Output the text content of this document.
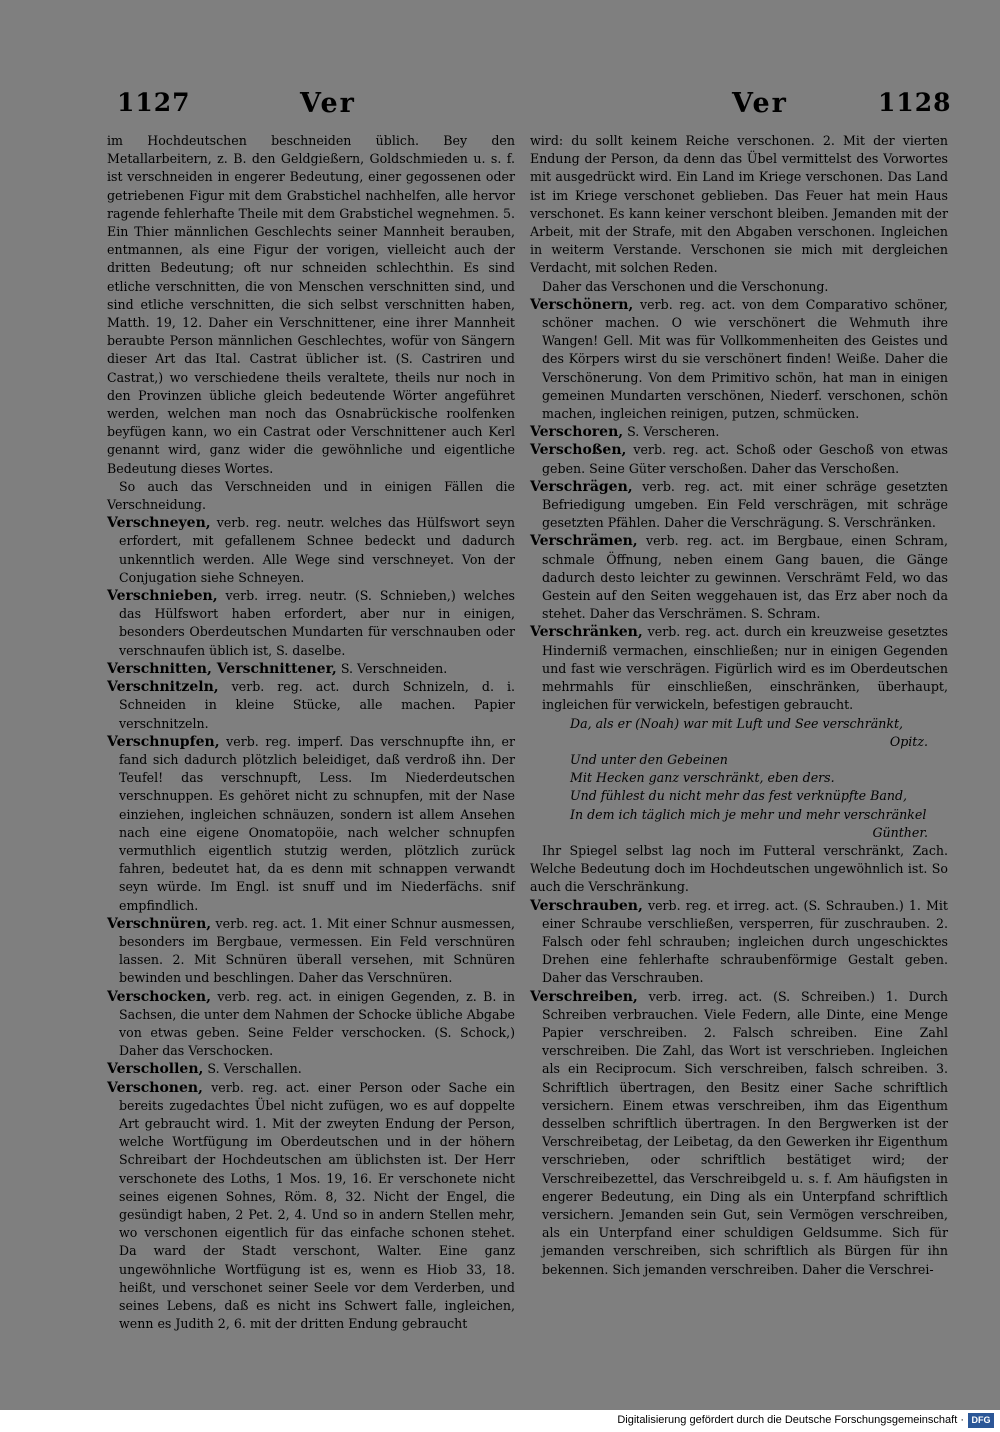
1127	Ver	Ver	1128

im Hochdeutschen beschneiden üblich. Bey den Metallarbeitern, z. B. den Geldgießern, Goldschmieden u. s. f. ist verschneiden in engerer Bedeutung, einer gegossenen oder getriebenen Figur mit dem Grabstichel nachhelfen, alle hervor ragende fehlerhafte Theile mit dem Grabstichel wegnehmen. 5. Ein Thier männlichen Geschlechts seiner Mannheit berauben, entmannen, als eine Figur der vorigen, vielleicht auch der dritten Bedeutung; oft nur schneiden schlechthin. Es sind etliche verschnitten, die von Menschen verschnitten sind, und sind etliche verschnitten, die sich selbst verschnitten haben, Matth. 19, 12. Daher ein Verschnittener, eine ihrer Mannheit beraubte Person männlichen Geschlechtes, wofür von Sängern dieser Art das Ital. Castrat üblicher ist. (S. Castriren und Castrat,) wo verschiedene theils veraltete, theils nur noch in den Provinzen übliche gleich bedeutende Wörter angeführet werden, welchen man noch das Osnabrückische roolfenken beyfügen kann, wo ein Castrat oder Verschnittener auch Kerl genannt wird, ganz wider die gewöhnliche und eigentliche Bedeutung dieses Wortes.

So auch das Verschneiden und in einigen Fällen die Verschneidung.

Verschneyen, verb. reg. neutr. welches das Hülfswort seyn erfordert, mit gefallenem Schnee bedeckt und dadurch unkenntlich werden. Alle Wege sind verschneyet. Von der Conjugation siehe Schneyen.

Verschnieben, verb. irreg. neutr. (S. Schnieben,) welches das Hülfswort haben erfordert, aber nur in einigen, besonders Oberdeutschen Mundarten für verschnauben oder verschnaufen üblich ist, S. daselbe.

Verschnitten, Verschnittener, S. Verschneiden.

Verschnitzeln, verb. reg. act. durch Schnizeln, d. i. Schneiden in kleine Stücke, alle machen. Papier verschnitzeln.

Verschnupfen, verb. reg. imperf. Das verschnupfte ihn, er fand sich dadurch plötzlich beleidiget, daß verdroß ihn. Der Teufel! das verschnupft, Less. Im Niederdeutschen verschnuppen. Es gehöret nicht zu schnupfen, mit der Nase einziehen, ingleichen schnäuzen, sondern ist allem Ansehen nach eine eigene Onomatopöie, nach welcher schnupfen vermuthlich eigentlich stutzig werden, plötzlich zurück fahren, bedeutet hat, da es denn mit schnappen verwandt seyn würde. Im Engl. ist snuff und im Niederfächs. snif empfindlich.

Verschnüren, verb. reg. act. 1. Mit einer Schnur ausmessen, besonders im Bergbaue, vermessen. Ein Feld verschnüren lassen. 2. Mit Schnüren überall versehen, mit Schnüren bewinden und beschlingen. Daher das Verschnüren.

Verschocken, verb. reg. act. in einigen Gegenden, z. B. in Sachsen, die unter dem Nahmen der Schocke übliche Abgabe von etwas geben. Seine Felder verschocken. (S. Schock,) Daher das Verschocken.

Verschollen, S. Verschallen.

Verschonen, verb. reg. act. einer Person oder Sache ein bereits zugedachtes Übel nicht zufügen, wo es auf doppelte Art gebraucht wird. 1. Mit der zweyten Endung der Person, welche Wortfügung im Oberdeutschen und in der höhern Schreibart der Hochdeutschen am üblichsten ist. Der Herr verschonete des Loths, 1 Mos. 19, 16. Er verschonete nicht seines eigenen Sohnes, Röm. 8, 32. Nicht der Engel, die gesündigt haben, 2 Pet. 2, 4. Und so in andern Stellen mehr, wo verschonen eigentlich für das einfache schonen stehet. Da ward der Stadt verschont, Walter. Eine ganz ungewöhnliche Wortfügung ist es, wenn es Hiob 33, 18. heißt, und verschonet seiner Seele vor dem Verderben, und seines Lebens, daß es nicht ins Schwert falle, ingleichen, wenn es Judith 2, 6. mit der dritten Endung gebraucht

wird: du sollt keinem Reiche verschonen. 2. Mit der vierten Endung der Person, da denn das Übel vermittelst des Vorwortes mit ausgedrückt wird. Ein Land im Kriege verschonen. Das Land ist im Kriege verschonet geblieben. Das Feuer hat mein Haus verschonet. Es kann keiner verschont bleiben. Jemanden mit der Arbeit, mit der Strafe, mit den Abgaben verschonen. Ingleichen in weiterm Verstande. Verschonen sie mich mit dergleichen Verdacht, mit solchen Reden.

Daher das Verschonen und die Verschonung.

Verschönern, verb. reg. act. von dem Comparativo schöner, schöner machen. O wie verschönert die Wehmuth ihre Wangen! Gell. Mit was für Vollkommenheiten des Geistes und des Körpers wirst du sie verschönert finden! Weiße. Daher die Verschönerung. Von dem Primitivo schön, hat man in einigen gemeinen Mundarten verschönen, Niederf. verschonen, schön machen, ingleichen reinigen, putzen, schmücken.

Verschoren, S. Verscheren.

Verschoßen, verb. reg. act. Schoß oder Geschoß von etwas geben. Seine Güter verschoßen. Daher das Verschoßen.

Verschrägen, verb. reg. act. mit einer schräge gesetzten Befriedigung umgeben. Ein Feld verschrägen, mit schräge gesetzten Pfählen. Daher die Verschrägung. S. Verschränken.

Verschrämen, verb. reg. act. im Bergbaue, einen Schram, schmale Öffnung, neben einem Gang bauen, die Gänge dadurch desto leichter zu gewinnen. Verschrämt Feld, wo das Gestein auf den Seiten weggehauen ist, das Erz aber noch da stehet. Daher das Verschrämen. S. Schram.

Verschränken, verb. reg. act. durch ein kreuzweise gesetztes Hinderniß vermachen, einschließen; nur in einigen Gegenden und fast wie verschrägen. Figürlich wird es im Oberdeutschen mehrmahls für einschließen, einschränken, überhaupt, ingleichen für verwickeln, befestigen gebraucht.

Da, als er (Noah) war mit Luft und See verschränkt,

Opitz.

Und unter den Gebeinen

Mit Hecken ganz verschränkt, eben ders.

Und fühlest du nicht mehr das fest verknüpfte Band,

In dem ich täglich mich je mehr und mehr verschränkel

Günther.

Ihr Spiegel selbst lag noch im Futteral verschränkt, Zach. Welche Bedeutung doch im Hochdeutschen ungewöhnlich ist. So auch die Verschränkung.

Verschrauben, verb. reg. et irreg. act. (S. Schrauben.) 1. Mit einer Schraube verschließen, versperren, für zuschrauben. 2. Falsch oder fehl schrauben; ingleichen durch ungeschicktes Drehen eine fehlerhafte schraubenförmige Gestalt geben. Daher das Verschrauben.

Verschreiben, verb. irreg. act. (S. Schreiben.) 1. Durch Schreiben verbrauchen. Viele Federn, alle Dinte, eine Menge Papier verschreiben. 2. Falsch schreiben. Eine Zahl verschreiben. Die Zahl, das Wort ist verschrieben. Ingleichen als ein Reciprocum. Sich verschreiben, falsch schreiben. 3. Schriftlich übertragen, den Besitz einer Sache schriftlich versichern. Einem etwas verschreiben, ihm das Eigenthum desselben schriftlich übertragen. In den Bergwerken ist der Verschreibetag, der Leibetag, da den Gewerken ihr Eigenthum verschrieben, oder schriftlich bestätiget wird; der Verschreibezettel, das Verschreibgeld u. s. f. Am häufigsten in engerer Bedeutung, ein Ding als ein Unterpfand schriftlich versichern. Jemanden sein Gut, sein Vermögen verschreiben, als ein Unterpfand einer schuldigen Geldsumme. Sich für jemanden verschreiben, sich schriftlich als Bürgen für ihn bekennen. Sich jemanden verschreiben. Daher die Verschrei-

Digitalisierung gefördert durch die Deutsche Forschungsgemeinschaft · DFG
